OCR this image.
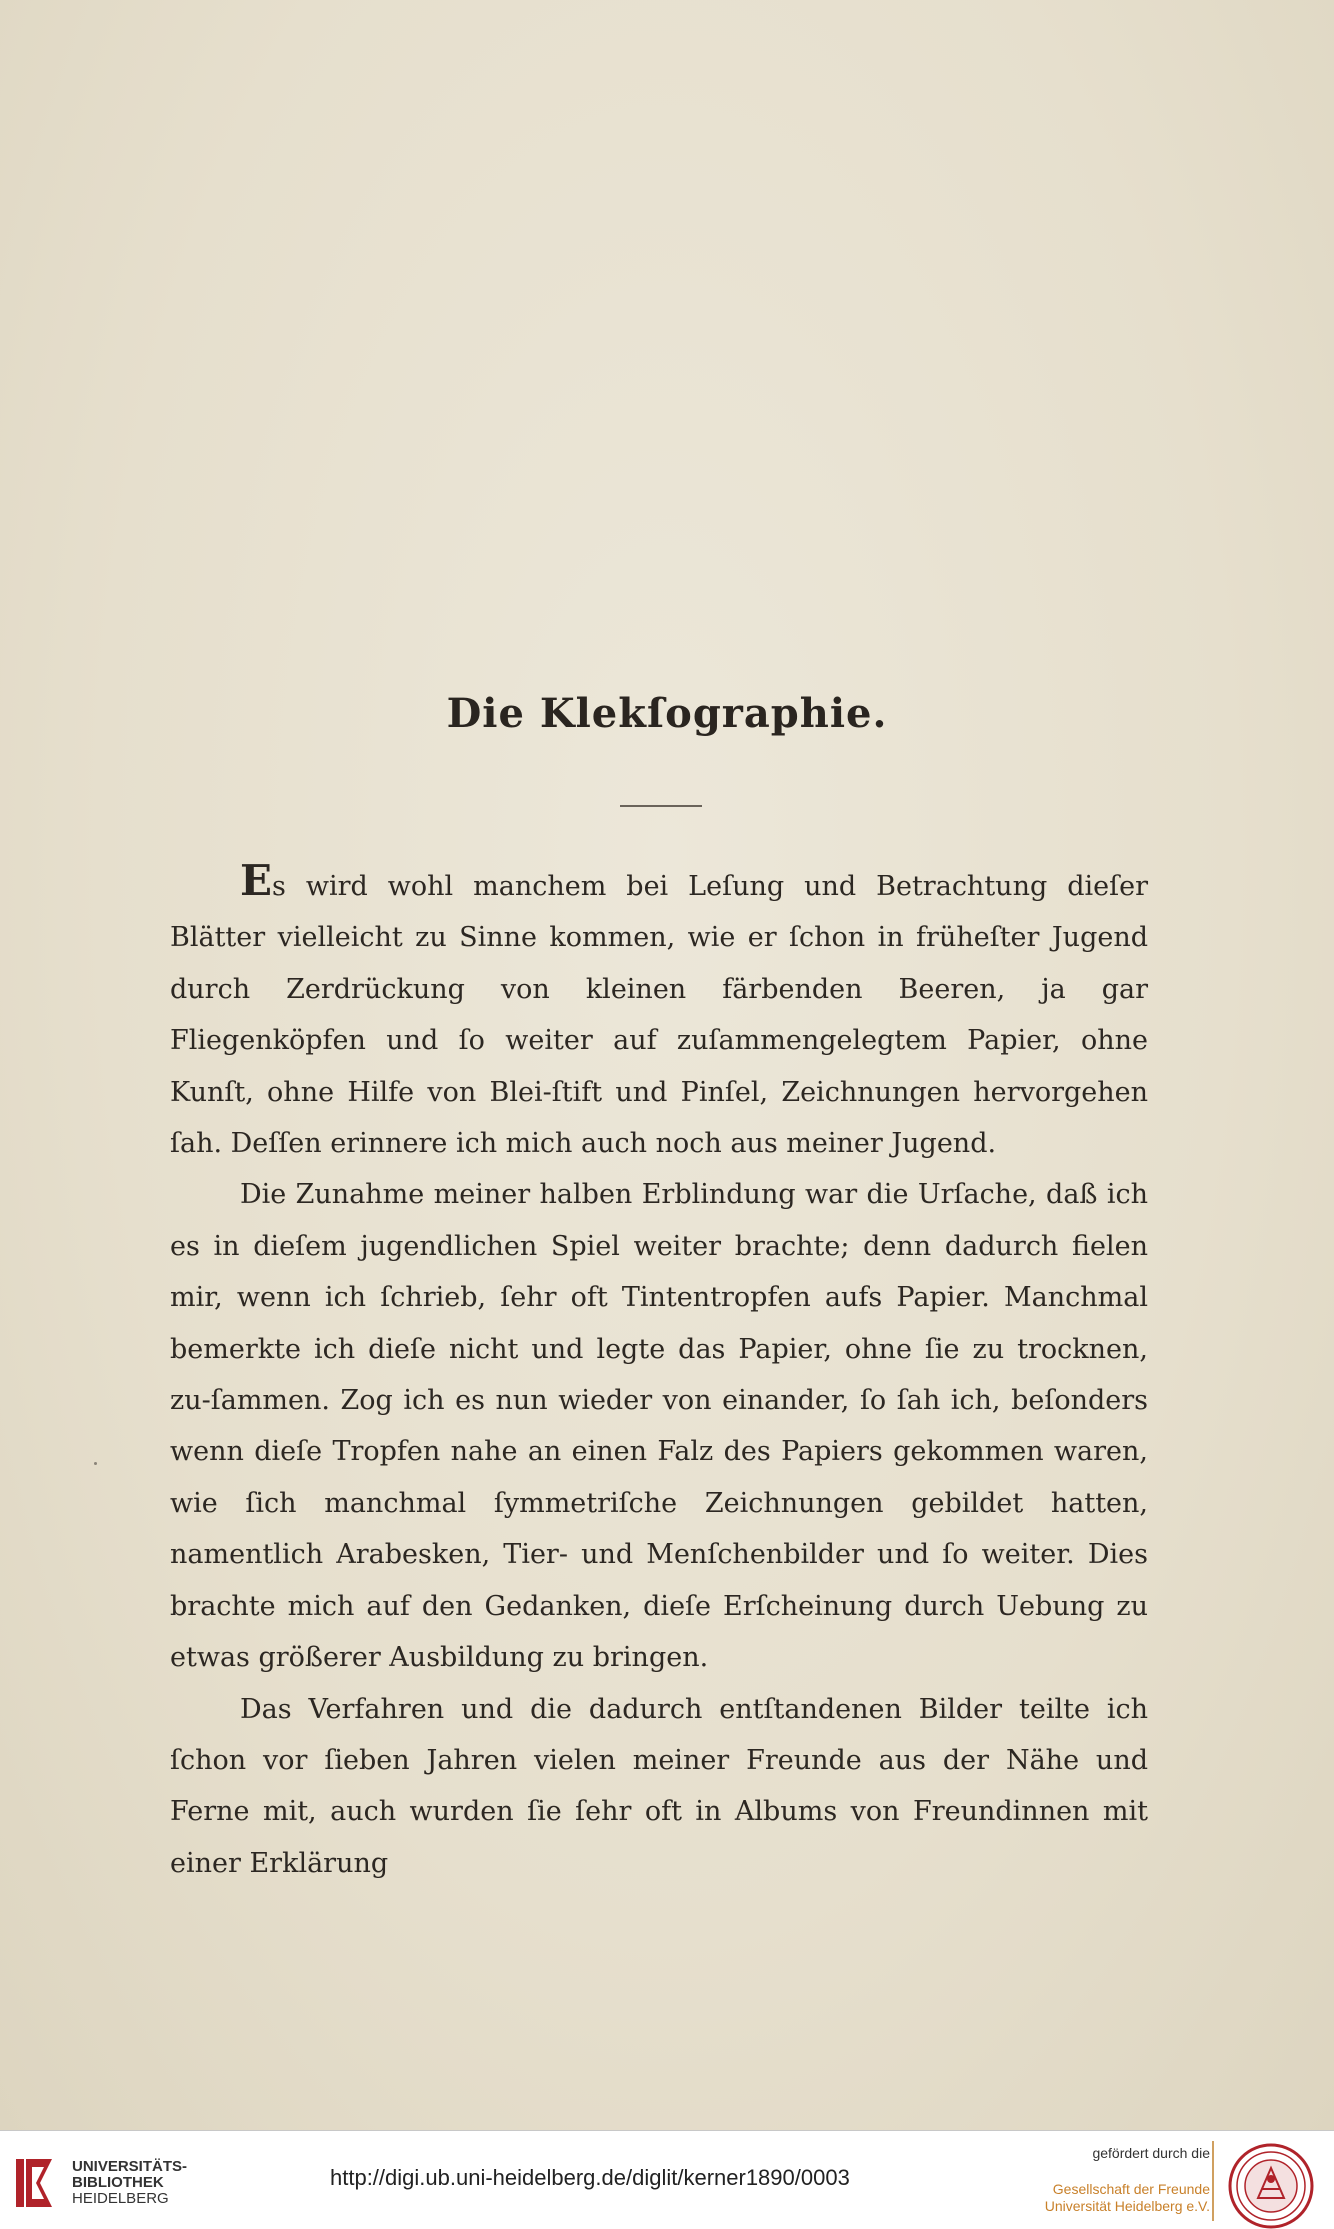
Die Klekſographie.

Es wird wohl manchem bei Leſung und Betrachtung dieſer Blätter vielleicht zu Sinne kommen, wie er ſchon in früheſter Jugend durch Zerdrückung von kleinen färbenden Beeren, ja gar Fliegenköpfen und ſo weiter auf zuſammengelegtem Papier, ohne Kunſt, ohne Hilfe von Blei-ſtift und Pinſel, Zeichnungen hervorgehen ſah. Deſſen erinnere ich mich auch noch aus meiner Jugend.

Die Zunahme meiner halben Erblindung war die Urſache, daß ich es in dieſem jugendlichen Spiel weiter brachte; denn dadurch fielen mir, wenn ich ſchrieb, ſehr oft Tintentropfen aufs Papier. Manchmal bemerkte ich dieſe nicht und legte das Papier, ohne ſie zu trocknen, zu-ſammen. Zog ich es nun wieder von einander, ſo ſah ich, beſonders wenn dieſe Tropfen nahe an einen Falz des Papiers gekommen waren, wie ſich manchmal ſymmetriſche Zeichnungen gebildet hatten, namentlich Arabesken, Tier- und Menſchenbilder und ſo weiter. Dies brachte mich auf den Gedanken, dieſe Erſcheinung durch Uebung zu etwas größerer Ausbildung zu bringen.

Das Verfahren und die dadurch entſtandenen Bilder teilte ich ſchon vor ſieben Jahren vielen meiner Freunde aus der Nähe und Ferne mit, auch wurden ſie ſehr oft in Albums von Freundinnen mit einer Erklärung

UNIVERSITÄTS-
BIBLIOTHEK
HEIDELBERG
http://digi.ub.uni-heidelberg.de/diglit/kerner1890/0003
gefördert durch die
Gesellschaft der Freunde
Universität Heidelberg e.V.
